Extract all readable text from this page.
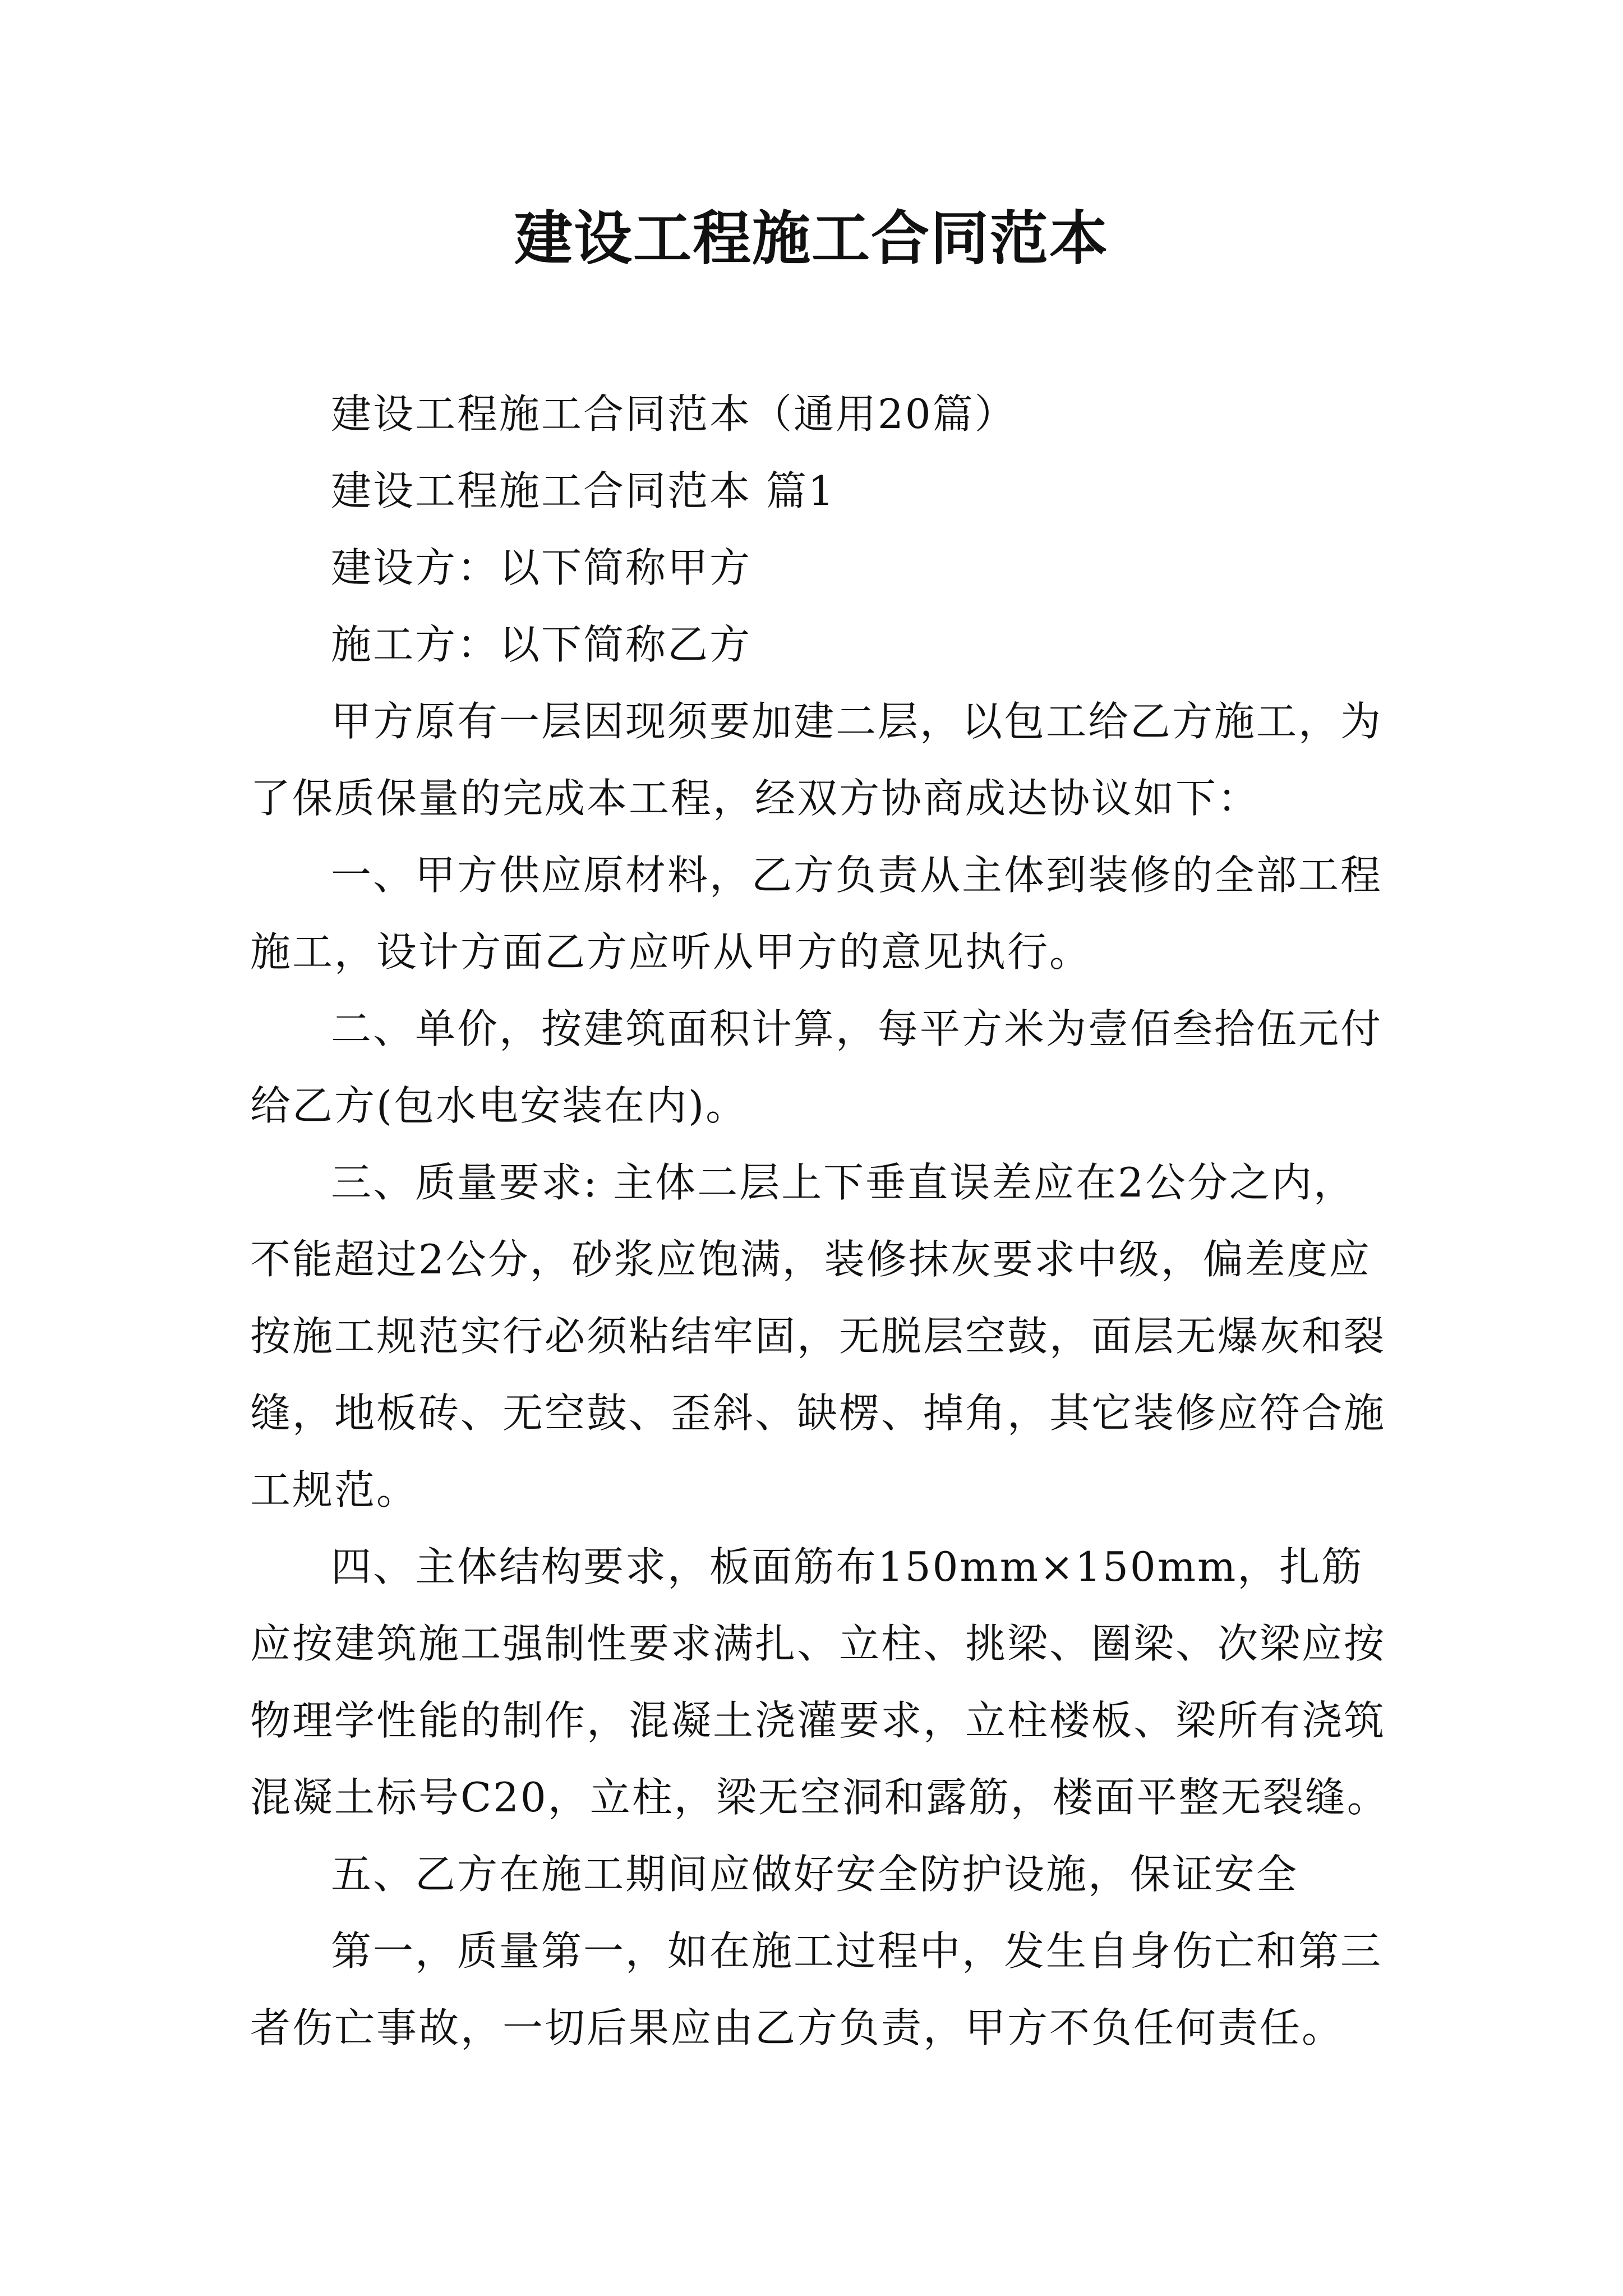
建设工程施工合同范本

建设工程施工合同范本（通用20篇）

建设工程施工合同范本 篇1

建设方：以下简称甲方

施工方：以下简称乙方

甲方原有一层因现须要加建二层，以包工给乙方施工，为了保质保量的完成本工程，经双方协商成达协议如下：

一、甲方供应原材料，乙方负责从主体到装修的全部工程施工，设计方面乙方应听从甲方的意见执行。

二、单价，按建筑面积计算，每平方米为壹佰叁拾伍元付给乙方(包水电安装在内)。

三、质量要求: 主体二层上下垂直误差应在2公分之内，不能超过2公分，砂浆应饱满，装修抹灰要求中级，偏差度应按施工规范实行必须粘结牢固，无脱层空鼓，面层无爆灰和裂缝，地板砖、无空鼓、歪斜、缺楞、掉角，其它装修应符合施工规范。

四、主体结构要求，板面筋布150mm×150mm，扎筋应按建筑施工强制性要求满扎、立柱、挑梁、圈梁、次梁应按物理学性能的制作，混凝土浇灌要求，立柱楼板、梁所有浇筑混凝土标号C20，立柱，梁无空洞和露筋，楼面平整无裂缝。

五、乙方在施工期间应做好安全防护设施，保证安全

第一，质量第一，如在施工过程中，发生自身伤亡和第三者伤亡事故，一切后果应由乙方负责，甲方不负任何责任。
